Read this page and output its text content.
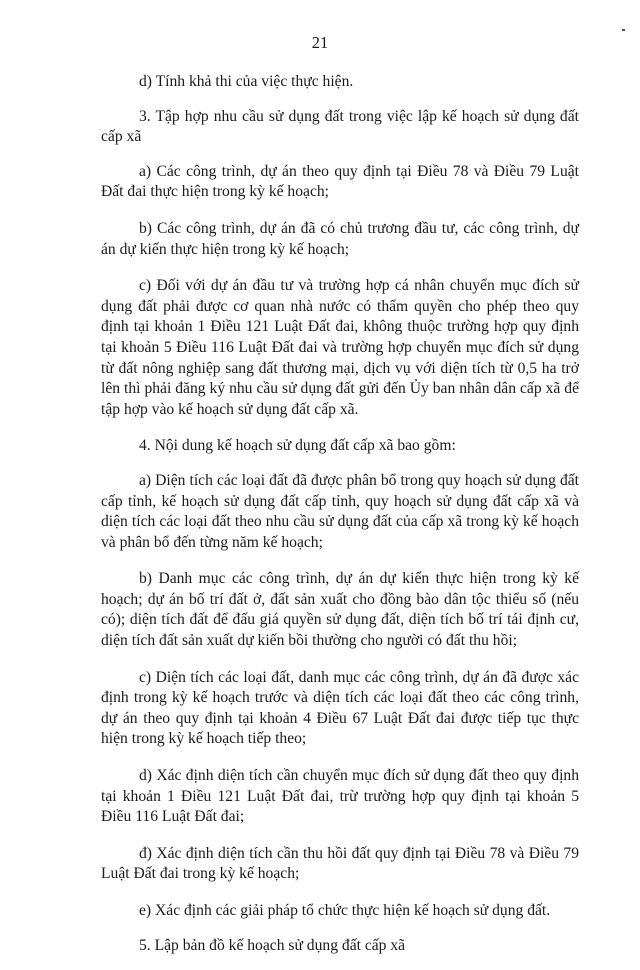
21

d) Tính khả thi của việc thực hiện.

3. Tập hợp nhu cầu sử dụng đất trong việc lập kế hoạch sử dụng đất cấp xã

a) Các công trình, dự án theo quy định tại Điều 78 và Điều 79 Luật Đất đai thực hiện trong kỳ kế hoạch;

b) Các công trình, dự án đã có chủ trương đầu tư, các công trình, dự án dự kiến thực hiện trong kỳ kế hoạch;

c) Đối với dự án đầu tư và trường hợp cá nhân chuyển mục đích sử dụng đất phải được cơ quan nhà nước có thẩm quyền cho phép theo quy định tại khoản 1 Điều 121 Luật Đất đai, không thuộc trường hợp quy định tại khoản 5 Điều 116 Luật Đất đai và trường hợp chuyển mục đích sử dụng từ đất nông nghiệp sang đất thương mại, dịch vụ với diện tích từ 0,5 ha trở lên thì phải đăng ký nhu cầu sử dụng đất gửi đến Ủy ban nhân dân cấp xã để tập hợp vào kế hoạch sử dụng đất cấp xã.

4. Nội dung kế hoạch sử dụng đất cấp xã bao gồm:

a) Diện tích các loại đất đã được phân bổ trong quy hoạch sử dụng đất cấp tỉnh, kế hoạch sử dụng đất cấp tỉnh, quy hoạch sử dụng đất cấp xã và diện tích các loại đất theo nhu cầu sử dụng đất của cấp xã trong kỳ kế hoạch và phân bổ đến từng năm kế hoạch;

b) Danh mục các công trình, dự án dự kiến thực hiện trong kỳ kế hoạch; dự án bố trí đất ở, đất sản xuất cho đồng bào dân tộc thiểu số (nếu có); diện tích đất để đấu giá quyền sử dụng đất, diện tích bố trí tái định cư, diện tích đất sản xuất dự kiến bồi thường cho người có đất thu hồi;

c) Diện tích các loại đất, danh mục các công trình, dự án đã được xác định trong kỳ kế hoạch trước và diện tích các loại đất theo các công trình, dự án theo quy định tại khoản 4 Điều 67 Luật Đất đai được tiếp tục thực hiện trong kỳ kế hoạch tiếp theo;

d) Xác định diện tích cần chuyển mục đích sử dụng đất theo quy định tại khoản 1 Điều 121 Luật Đất đai, trừ trường hợp quy định tại khoản 5 Điều 116 Luật Đất đai;

đ) Xác định diện tích cần thu hồi đất quy định tại Điều 78 và Điều 79 Luật Đất đai trong kỳ kế hoạch;

e) Xác định các giải pháp tổ chức thực hiện kế hoạch sử dụng đất.

5. Lập bản đồ kế hoạch sử dụng đất cấp xã
